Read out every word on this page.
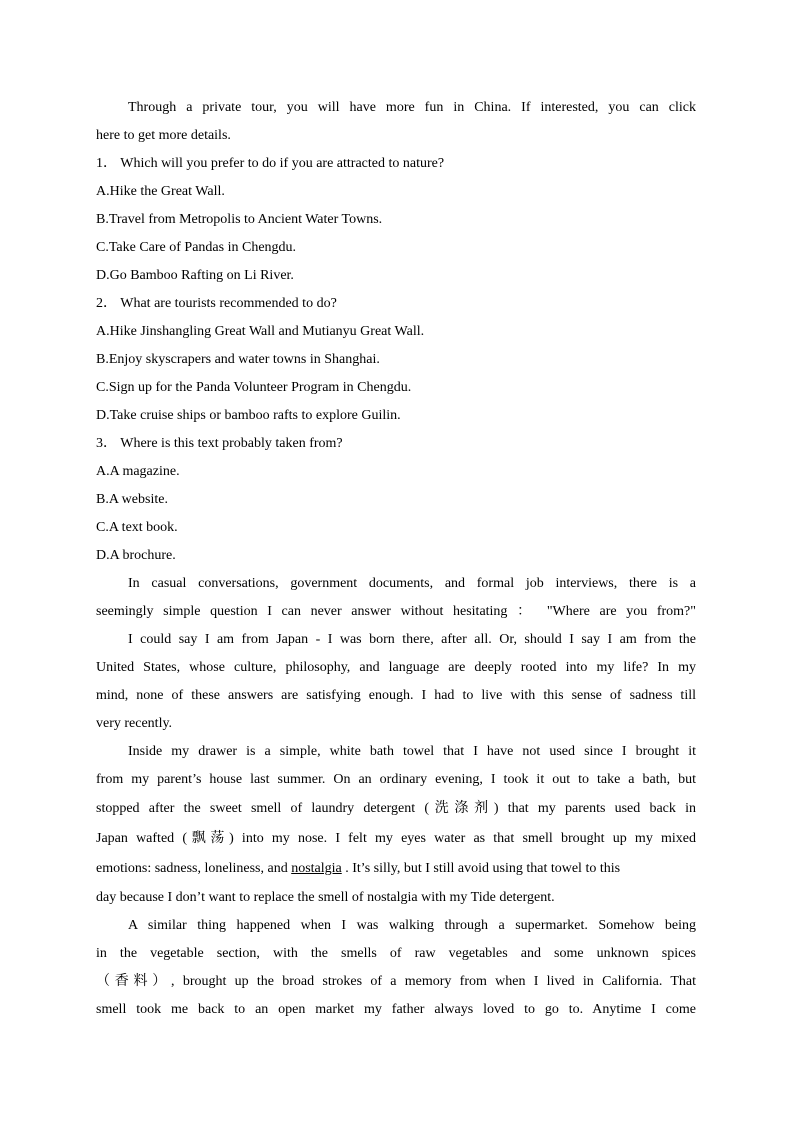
Through a private tour, you will have more fun in China. If interested, you can click
here to get more details.
1． Which will you prefer to do if you are attracted to nature?
A.Hike the Great Wall.
B.Travel from Metropolis to Ancient Water Towns.
C.Take Care of Pandas in Chengdu.
D.Go Bamboo Rafting on Li River.
2． What are tourists recommended to do?
A.Hike Jinshangling Great Wall and Mutianyu Great Wall.
B.Enjoy skyscrapers and water towns in Shanghai.
C.Sign up for the Panda Volunteer Program in Chengdu.
D.Take cruise ships or bamboo rafts to explore Guilin.
3． Where is this text probably taken from?
A.A magazine.
B.A website.
C.A text book.
D.A brochure.
In casual conversations, government documents, and formal job interviews, there is a
seemingly simple question I can never answer without hesitating ： "Where are you from?"
I could say I am from Japan - I was born there, after all. Or, should I say I am from the
United States, whose culture, philosophy, and language are deeply rooted into my life? In my
mind, none of these answers are satisfying enough. I had to live with this sense of sadness till
very recently.
Inside my drawer is a simple, white bath towel that I have not used since I brought it
from my parent’s house last summer. On an ordinary evening, I took it out to take a bath, but
stopped after the sweet smell of laundry detergent (洗涤剂) that my parents used back in
Japan wafted (飘荡) into my nose. I felt my eyes water as that smell brought up my mixed
emotions: sadness, loneliness, and nostalgia . It’s silly, but I still avoid using that towel to this
day because I don’t want to replace the smell of nostalgia with my Tide detergent.
A similar thing happened when I was walking through a supermarket. Somehow being
in the vegetable section, with the smells of raw vegetables and some unknown spices
（香料）, brought up the broad strokes of a memory from when I lived in California. That
smell took me back to an open market my father always loved to go to. Anytime I come
